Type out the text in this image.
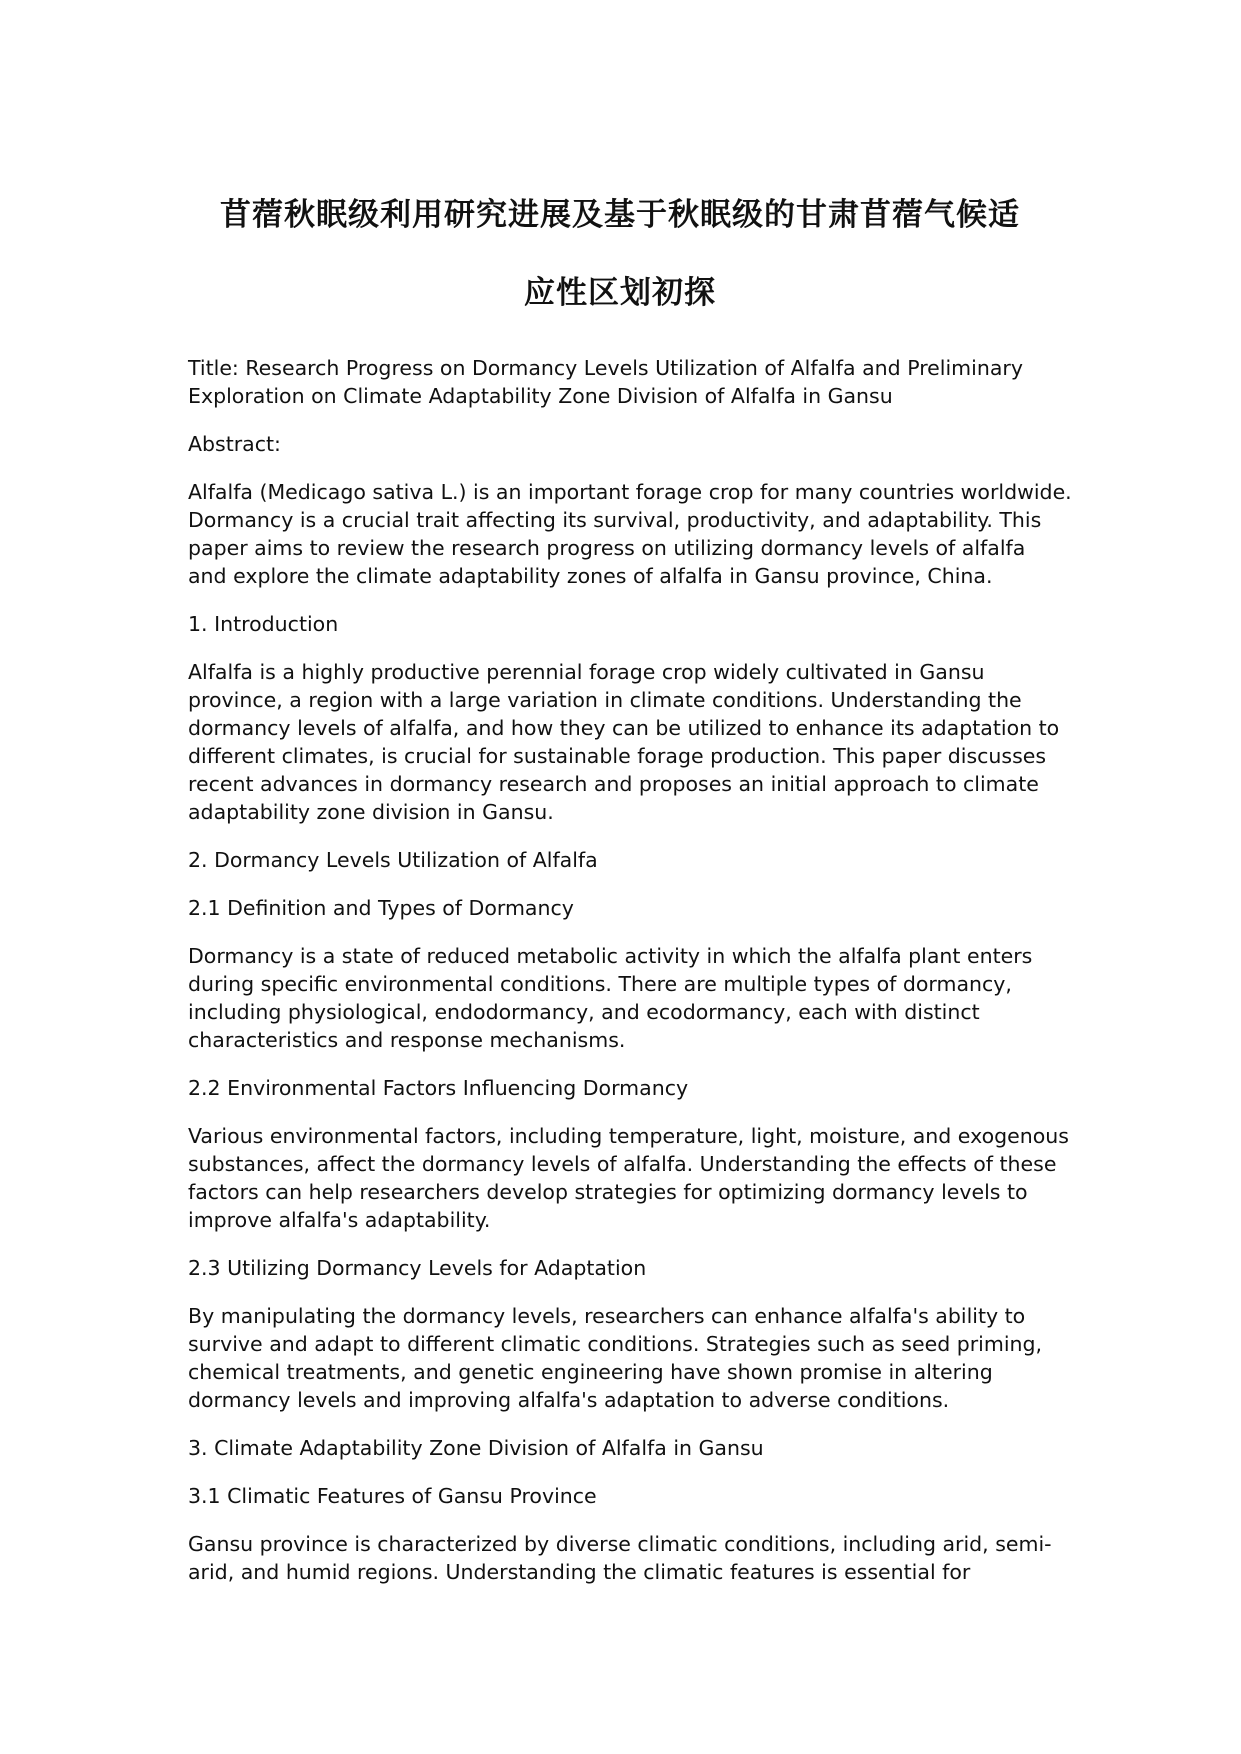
苜蓿秋眠级利用研究进展及基于秋眠级的甘肃苜蓿气候适
应性区划初探

Title: Research Progress on Dormancy Levels Utilization of Alfalfa and Preliminary
Exploration on Climate Adaptability Zone Division of Alfalfa in Gansu

Abstract:

Alfalfa (Medicago sativa L.) is an important forage crop for many countries worldwide.
Dormancy is a crucial trait affecting its survival, productivity, and adaptability. This
paper aims to review the research progress on utilizing dormancy levels of alfalfa
and explore the climate adaptability zones of alfalfa in Gansu province, China.

1. Introduction

Alfalfa is a highly productive perennial forage crop widely cultivated in Gansu
province, a region with a large variation in climate conditions. Understanding the
dormancy levels of alfalfa, and how they can be utilized to enhance its adaptation to
different climates, is crucial for sustainable forage production. This paper discusses
recent advances in dormancy research and proposes an initial approach to climate
adaptability zone division in Gansu.

2. Dormancy Levels Utilization of Alfalfa

2.1 Definition and Types of Dormancy

Dormancy is a state of reduced metabolic activity in which the alfalfa plant enters
during specific environmental conditions. There are multiple types of dormancy,
including physiological, endodormancy, and ecodormancy, each with distinct
characteristics and response mechanisms.

2.2 Environmental Factors Influencing Dormancy

Various environmental factors, including temperature, light, moisture, and exogenous
substances, affect the dormancy levels of alfalfa. Understanding the effects of these
factors can help researchers develop strategies for optimizing dormancy levels to
improve alfalfa's adaptability.

2.3 Utilizing Dormancy Levels for Adaptation

By manipulating the dormancy levels, researchers can enhance alfalfa's ability to
survive and adapt to different climatic conditions. Strategies such as seed priming,
chemical treatments, and genetic engineering have shown promise in altering
dormancy levels and improving alfalfa's adaptation to adverse conditions.

3. Climate Adaptability Zone Division of Alfalfa in Gansu

3.1 Climatic Features of Gansu Province

Gansu province is characterized by diverse climatic conditions, including arid, semi-
arid, and humid regions. Understanding the climatic features is essential for
